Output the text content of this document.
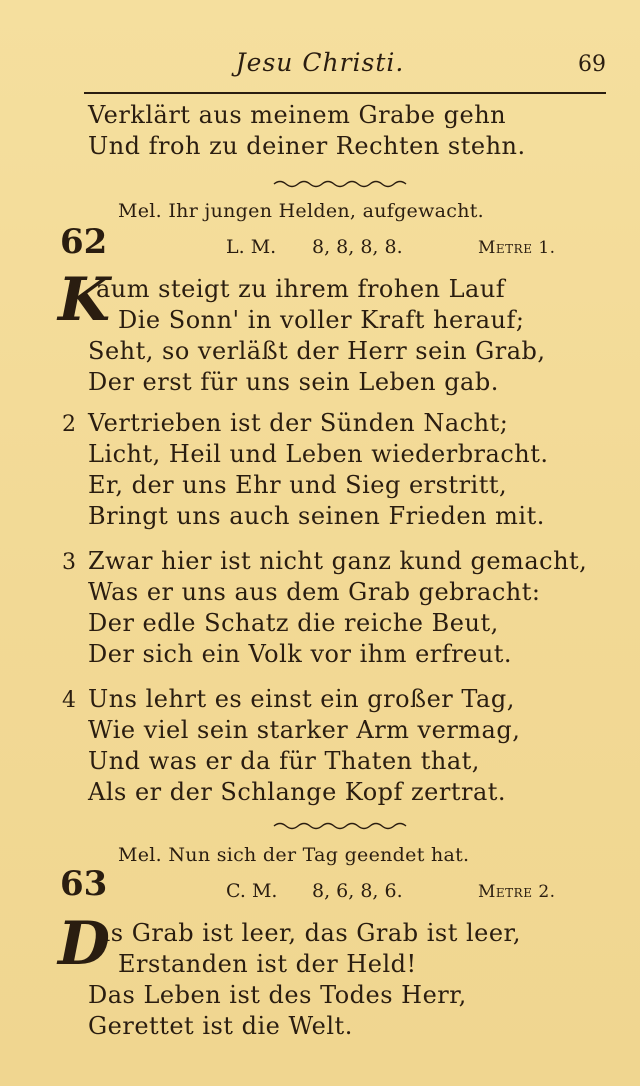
Jesu Christi.	69
Verklärt aus meinem Grabe gehn
Und froh zu deiner Rechten stehn.
Mel. Ihr jungen Helden, aufgewacht.
62	L. M. 8, 8, 8, 8.	Metre 1.
K
aum steigt zu ihrem frohen Lauf
Die Sonn' in voller Kraft herauf;
Seht, so verläßt der Herr sein Grab,
Der erst für uns sein Leben gab.
2 Vertrieben ist der Sünden Nacht;
Licht, Heil und Leben wiederbracht.
Er, der uns Ehr und Sieg erstritt,
Bringt uns auch seinen Frieden mit.
3 Zwar hier ist nicht ganz kund gemacht,
Was er uns aus dem Grab gebracht:
Der edle Schatz die reiche Beut,
Der sich ein Volk vor ihm erfreut.
4 Uns lehrt es einst ein großer Tag,
Wie viel sein starker Arm vermag,
Und was er da für Thaten that,
Als er der Schlange Kopf zertrat.
Mel. Nun sich der Tag geendet hat.
63	C. M. 8, 6, 8, 6.	Metre 2.
D
as Grab ist leer, das Grab ist leer,
Erstanden ist der Held!
Das Leben ist des Todes Herr,
Gerettet ist die Welt.
